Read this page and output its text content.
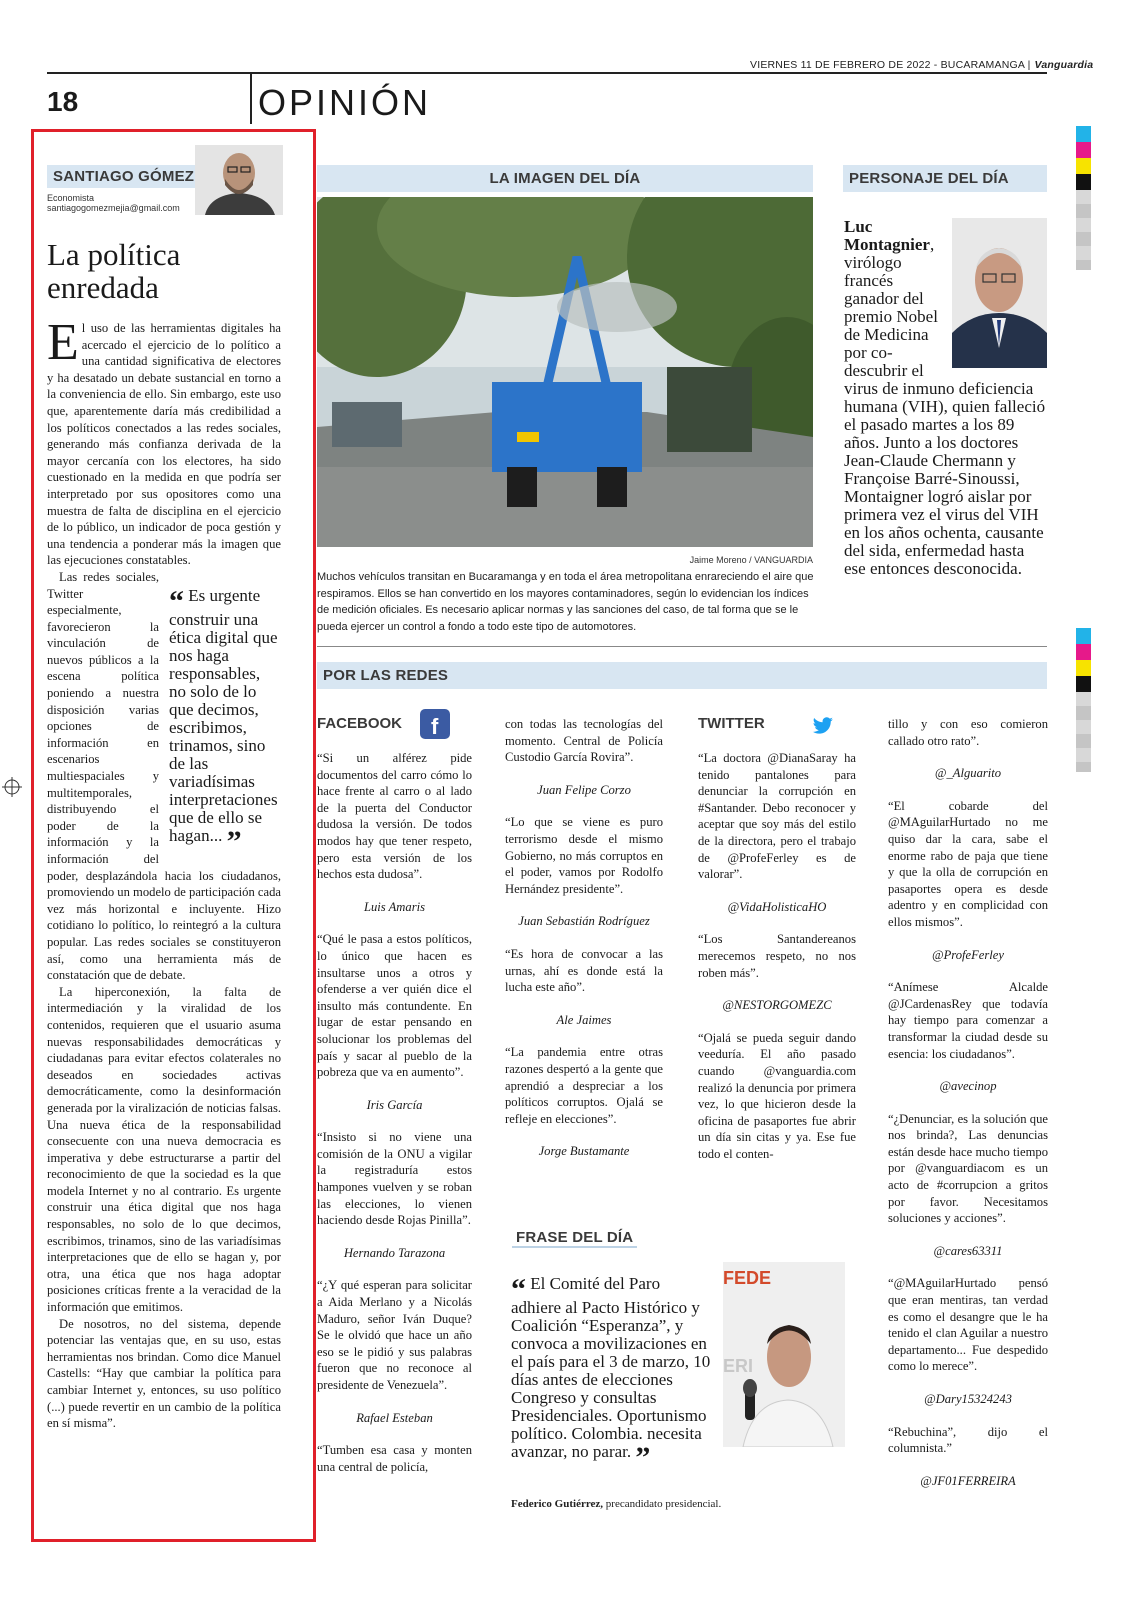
VIERNES 11 DE FEBRERO DE 2022 - BUCARAMANGA | Vanguardia
18	OPINIÓN
SANTIAGO GÓMEZ
Economista
santiagogomezmejia@gmail.com
La política
enredada

El uso de las herramientas digitales ha acercado el ejercicio de lo político a una cantidad significativa de electores y ha desatado un debate sustancial en torno a la conveniencia de ello. Sin embargo, este uso que, aparentemente daría más credibilidad a los políticos conectados a las redes sociales, generando más confianza derivada de la mayor cercanía con los electores, ha sido cuestionado en la medida en que podría ser interpretado por sus opositores como una muestra de falta de disciplina en el ejercicio de lo público, un indicador de poca gestión y una tendencia a ponderar más la imagen que las ejecuciones constatables.

“ Es urgente construir una ética digital que nos haga responsables, no solo de lo que decimos, escribimos, trinamos, sino de las variadísimas interpretaciones que de ello se hagan... ”

Las redes sociales, Twitter especialmente, favorecieron la vinculación de nuevos públicos a la escena política poniendo a nuestra disposición varias opciones de información en escenarios multiespaciales y multitemporales, distribuyendo el poder de la información y la información del poder, desplazándola hacia los ciudadanos, promoviendo un modelo de participación cada vez más horizontal e incluyente. Hizo cotidiano lo político, lo reintegró a la cultura popular. Las redes sociales se constituyeron así, como una herramienta más de constatación que de debate.

La hiperconexión, la falta de intermediación y la viralidad de los contenidos, requieren que el usuario asuma nuevas responsabilidades democráticas y ciudadanas para evitar efectos colaterales no deseados en sociedades activas democráticamente, como la desinformación generada por la viralización de noticias falsas. Una nueva ética de la responsabilidad consecuente con una nueva democracia es imperativa y debe estructurarse a partir del reconocimiento de que la sociedad es la que modela Internet y no al contrario. Es urgente construir una ética digital que nos haga responsables, no solo de lo que decimos, escribimos, trinamos, sino de las variadísimas interpretaciones que de ello se hagan y, por otra, una ética que nos haga adoptar posiciones críticas frente a la veracidad de la información que emitimos.

De nosotros, no del sistema, depende potenciar las ventajas que, en su uso, estas herramientas nos brindan. Como dice Manuel Castells: “Hay que cambiar la política para cambiar Internet y, entonces, su uso político (...) puede revertir en un cambio de la política en sí misma”.

LA IMAGEN DEL DÍA
Jaime Moreno / VANGUARDIA
Muchos vehículos transitan en Bucaramanga y en toda el área metropolitana enrareciendo el aire que respiramos. Ellos se han convertido en los mayores contaminadores, según lo evidencian los índices de medición oficiales. Es necesario aplicar normas y las sanciones del caso, de tal forma que se le pueda ejercer un control a fondo a todo este tipo de automotores.
PERSONAJE DEL DÍA
Luc Montagnier, virólogo francés ganador del premio Nobel de Medicina por co-descubrir el virus de inmuno deficiencia humana (VIH), quien falleció el pasado martes a los 89 años. Junto a los doctores Jean-Claude Chermann y Françoise Barré-Sinoussi, Montaigner logró aislar por primera vez el virus del VIH en los años ochenta, causante del sida, enfermedad hasta ese entonces desconocida.
POR LAS REDES
FACEBOOK f	TWITTER

“Si un alférez pide documentos del carro cómo lo hace frente al carro o al lado de la puerta del Conductor dudosa la versión. De todos modos hay que tener respeto, pero esta versión de los hechos esta dudosa”.

Luis Amaris

“Qué le pasa a estos políticos, lo único que hacen es insultarse unos a otros y ofenderse a ver quién dice el insulto más contundente. En lugar de estar pensando en solucionar los problemas del país y sacar al pueblo de la pobreza que va en aumento”.

Iris García

“Insisto si no viene una comisión de la ONU a vigilar la registraduría estos hampones vuelven y se roban las elecciones, lo vienen haciendo desde Rojas Pinilla”.

Hernando Tarazona

“¿Y qué esperan para solicitar a Aida Merlano y a Nicolás Maduro, señor Iván Duque? Se le olvidó que hace un año eso se le pidió y sus palabras fueron que no reconoce al presidente de Venezuela”.

Rafael Esteban

“Tumben esa casa y monten una central de policía,

con todas las tecnologías del momento. Central de Policía Custodio García Rovira”.

Juan Felipe Corzo

“Lo que se viene es puro terrorismo desde el mismo Gobierno, no más corruptos en el poder, vamos por Rodolfo Hernández presidente”.

Juan Sebastián Rodríguez

“Es hora de convocar a las urnas, ahí es donde está la lucha este año”.

Ale Jaimes

“La pandemia entre otras razones despertó a la gente que aprendió a despreciar a los políticos corruptos. Ojalá se refleje en elecciones”.

Jorge Bustamante

“La doctora @DianaSaray ha tenido pantalones para denunciar la corrupción en #Santander. Debo reconocer y aceptar que soy más del estilo de la directora, pero el trabajo de @ProfeFerley es de valorar”.

@VidaHolisticaHO

“Los Santandereanos merecemos respeto, no nos roben más”.

@NESTORGOMEZC

“Ojalá se pueda seguir dando veeduría. El año pasado cuando @vanguardia.com realizó la denuncia por primera vez, lo que hicieron desde la oficina de pasaportes fue abrir un día sin citas y ya. Ese fue todo el conten-

tillo y con eso comieron callado otro rato”.

@_Alguarito

“El cobarde del @MAguilarHurtado no me quiso dar la cara, sabe el enorme rabo de paja que tiene y que la olla de corrupción en pasaportes opera es desde adentro y en complicidad con ellos mismos”.

@ProfeFerley

“Anímese Alcalde @JCardenasRey que todavía hay tiempo para comenzar a transformar la ciudad desde su esencia: los ciudadanos”.

@avecinop

“¿Denunciar, es la solución que nos brinda?, Las denuncias están desde hace mucho tiempo por @vanguardiacom es un acto de #corrupcion a gritos por favor. Necesitamos soluciones y acciones”.

@cares63311

“@MAguilarHurtado pensó que eran mentiras, tan verdad es como el desangre que le ha tenido el clan Aguilar a nuestro departamento... Fue despedido como lo merece”.

@Dary15324243

“Rebuchina”, dijo el columnista.”

@JF01FERREIRA
FRASE DEL DÍA
FEDE
ERI
“ El Comité del Paro adhiere al Pacto Histórico y Coalición “Esperanza”, y convoca a movilizaciones en el país para el 3 de marzo, 10 días antes de elecciones Congreso y consultas Presidenciales. Oportunismo político. Colombia. necesita avanzar, no parar. ”
Federico Gutiérrez, precandidato presidencial.
